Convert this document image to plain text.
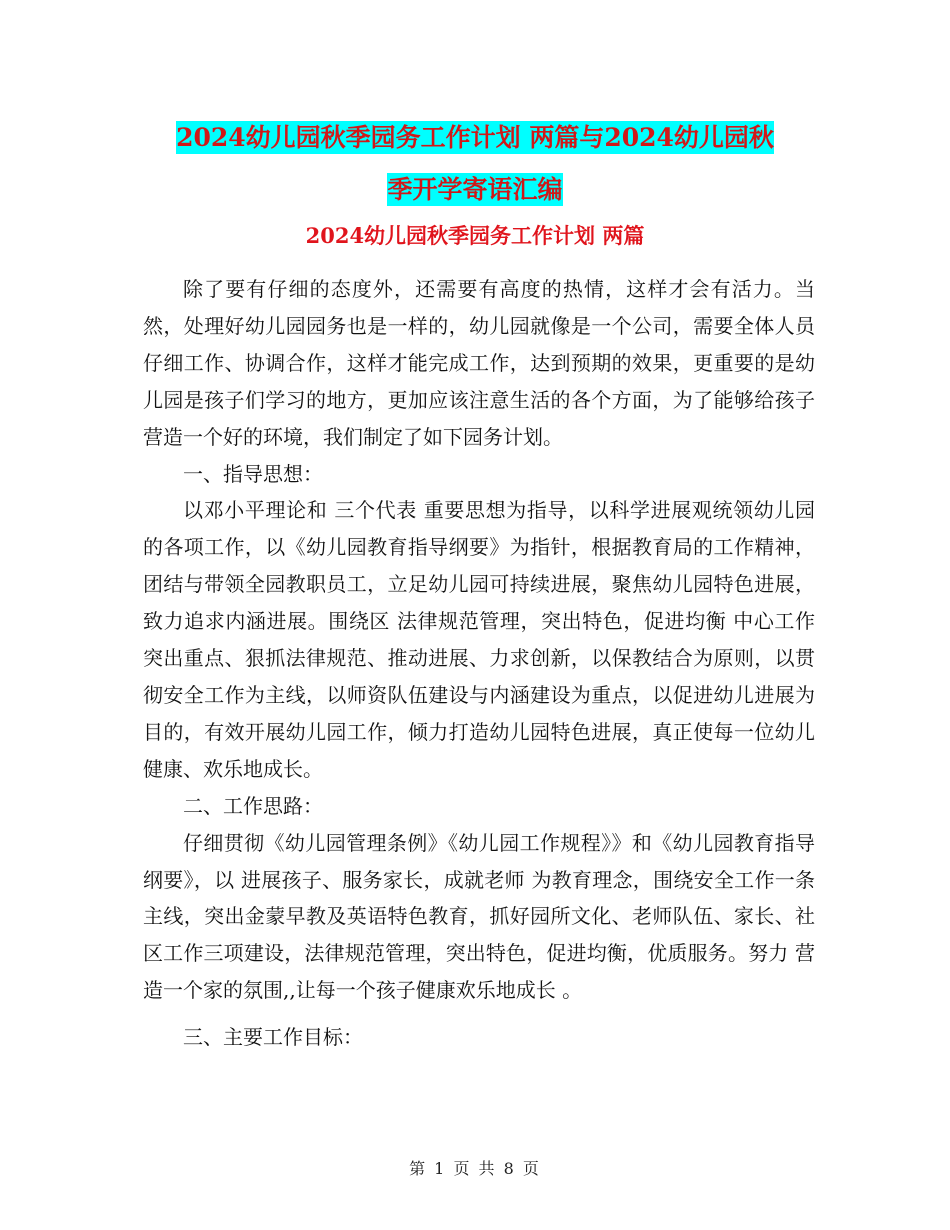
2024幼儿园秋季园务工作计划 两篇与2024幼儿园秋
季开学寄语汇编
2024幼儿园秋季园务工作计划 两篇

除了要有仔细的态度外，还需要有高度的热情，这样才会有活力。当然，处理好幼儿园园务也是一样的，幼儿园就像是一个公司，需要全体人员仔细工作、协调合作，这样才能完成工作，达到预期的效果，更重要的是幼儿园是孩子们学习的地方，更加应该注意生活的各个方面，为了能够给孩子营造一个好的环境，我们制定了如下园务计划。

一、指导思想：

以邓小平理论和 三个代表 重要思想为指导，以科学进展观统领幼儿园的各项工作，以《幼儿园教育指导纲要》为指针，根据教育局的工作精神，团结与带领全园教职员工，立足幼儿园可持续进展，聚焦幼儿园特色进展，致力追求内涵进展。围绕区 法律规范管理，突出特色，促进均衡 中心工作突出重点、狠抓法律规范、推动进展、力求创新，以保教结合为原则，以贯彻安全工作为主线，以师资队伍建设与内涵建设为重点，以促进幼儿进展为目的，有效开展幼儿园工作，倾力打造幼儿园特色进展，真正使每一位幼儿健康、欢乐地成长。

二、工作思路：

仔细贯彻《幼儿园管理条例》《幼儿园工作规程》》和《幼儿园教育指导纲要》，以 进展孩子、服务家长，成就老师 为教育理念，围绕安全工作一条主线，突出金蒙早教及英语特色教育，抓好园所文化、老师队伍、家长、社区工作三项建设，法律规范管理，突出特色，促进均衡，优质服务。努力 营造一个家的氛围,,让每一个孩子健康欢乐地成长 。

三、主要工作目标：

第 1 页 共 8 页
